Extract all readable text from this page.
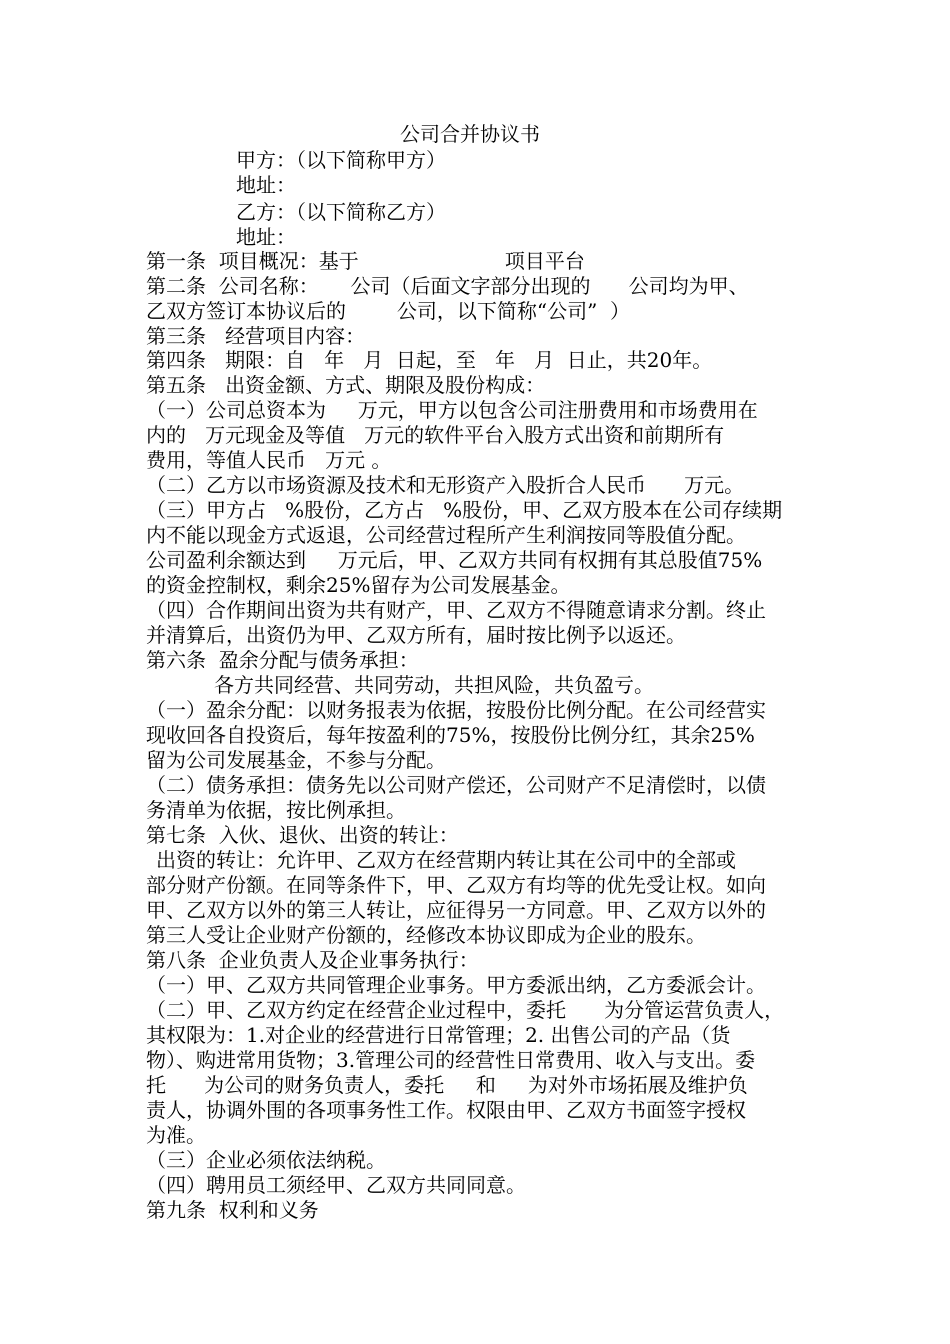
公司合并协议书
甲方：（以下简称甲方）
地址：
乙方：（以下简称乙方）
地址：
第一条  项目概况：基于                       项目平台
第二条  公司名称：     公司（后面文字部分出现的      公司均为甲、
乙双方签订本协议后的        公司，以下简称“公司”  ）
第三条   经营项目内容：
第四条   期限：自   年   月  日起，至   年   月  日止，共20年。
第五条   出资金额、方式、期限及股份构成：
（一）公司总资本为     万元，甲方以包含公司注册费用和市场费用在
内的   万元现金及等值   万元的软件平台入股方式出资和前期所有
费用，等值人民币   万元 。
（二）乙方以市场资源及技术和无形资产入股折合人民币      万元。
（三）甲方占   %股份，乙方占   %股份，甲、乙双方股本在公司存续期
内不能以现金方式返退，公司经营过程所产生利润按同等股值分配。
公司盈利余额达到     万元后，甲、乙双方共同有权拥有其总股值75%
的资金控制权，剩余25%留存为公司发展基金。
（四）合作期间出资为共有财产，甲、乙双方不得随意请求分割。终止
并清算后，出资仍为甲、乙双方所有，届时按比例予以返还。
第六条  盈余分配与债务承担：
各方共同经营、共同劳动，共担风险，共负盈亏。
（一）盈余分配：以财务报表为依据，按股份比例分配。在公司经营实
现收回各自投资后，每年按盈利的75%，按股份比例分红，其余25%
留为公司发展基金，不参与分配。
（二）债务承担：债务先以公司财产偿还，公司财产不足清偿时，以债
务清单为依据，按比例承担。
第七条  入伙、退伙、出资的转让：
出资的转让：允许甲、乙双方在经营期内转让其在公司中的全部或
部分财产份额。在同等条件下，甲、乙双方有均等的优先受让权。如向
甲、乙双方以外的第三人转让，应征得另一方同意。甲、乙双方以外的
第三人受让企业财产份额的，经修改本协议即成为企业的股东。
第八条  企业负责人及企业事务执行：
（一）甲、乙双方共同管理企业事务。甲方委派出纳，乙方委派会计。
（二）甲、乙双方约定在经营企业过程中，委托      为分管运营负责人，
其权限为：1.对企业的经营进行日常管理；2. 出售公司的产品（货
物）、购进常用货物；3.管理公司的经营性日常费用、收入与支出。委
托      为公司的财务负责人，委托     和     为对外市场拓展及维护负
责人，协调外围的各项事务性工作。权限由甲、乙双方书面签字授权
为准。
（三）企业必须依法纳税。
（四）聘用员工须经甲、乙双方共同同意。
第九条  权利和义务
